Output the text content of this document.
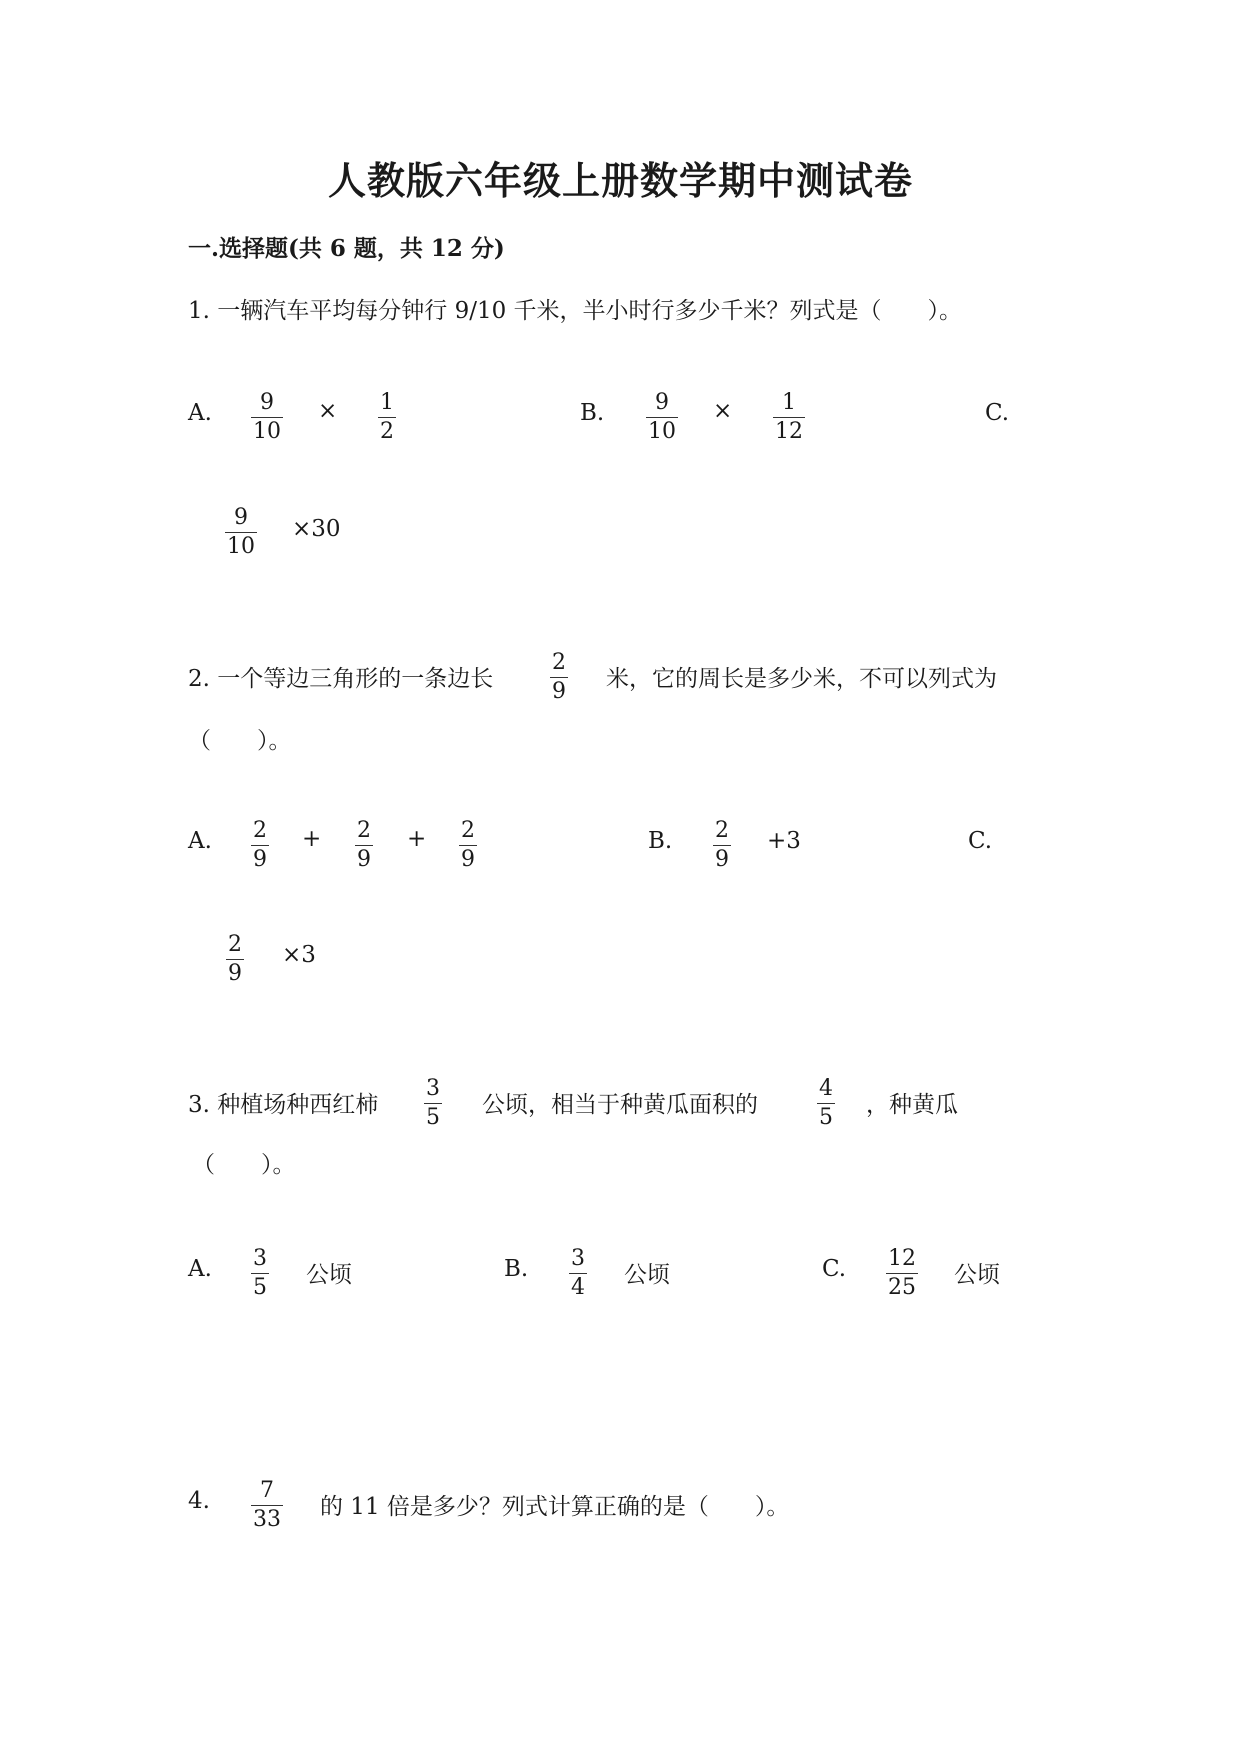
人教版六年级上册数学期中测试卷
一.选择题(共 6 题，共 12 分)
1. 一辆汽车平均每分钟行 9/10 千米，半小时行多少千米？列式是（　　）。
A. 9
10
× 1
2
B. 9
10
× 1
12
C.
9
10
×30
2. 一个等边三角形的一条边长
2
9 米，它的周长是多少米，不可以列式为
（　　）。
A. 2
9
+ 2
9
+ 2
9
B. 2
9
+3	C.
2
9
×3
3. 种植场种西红柿
3
5 公顷，相当于种黄瓜面积的
4
5 ，种黄瓜
（　　）。
A. 3
5 公顷	B. 3
4 公顷	C. 12
25 公顷
4. 7
33 的 11 倍是多少？列式计算正确的是（　　）。
